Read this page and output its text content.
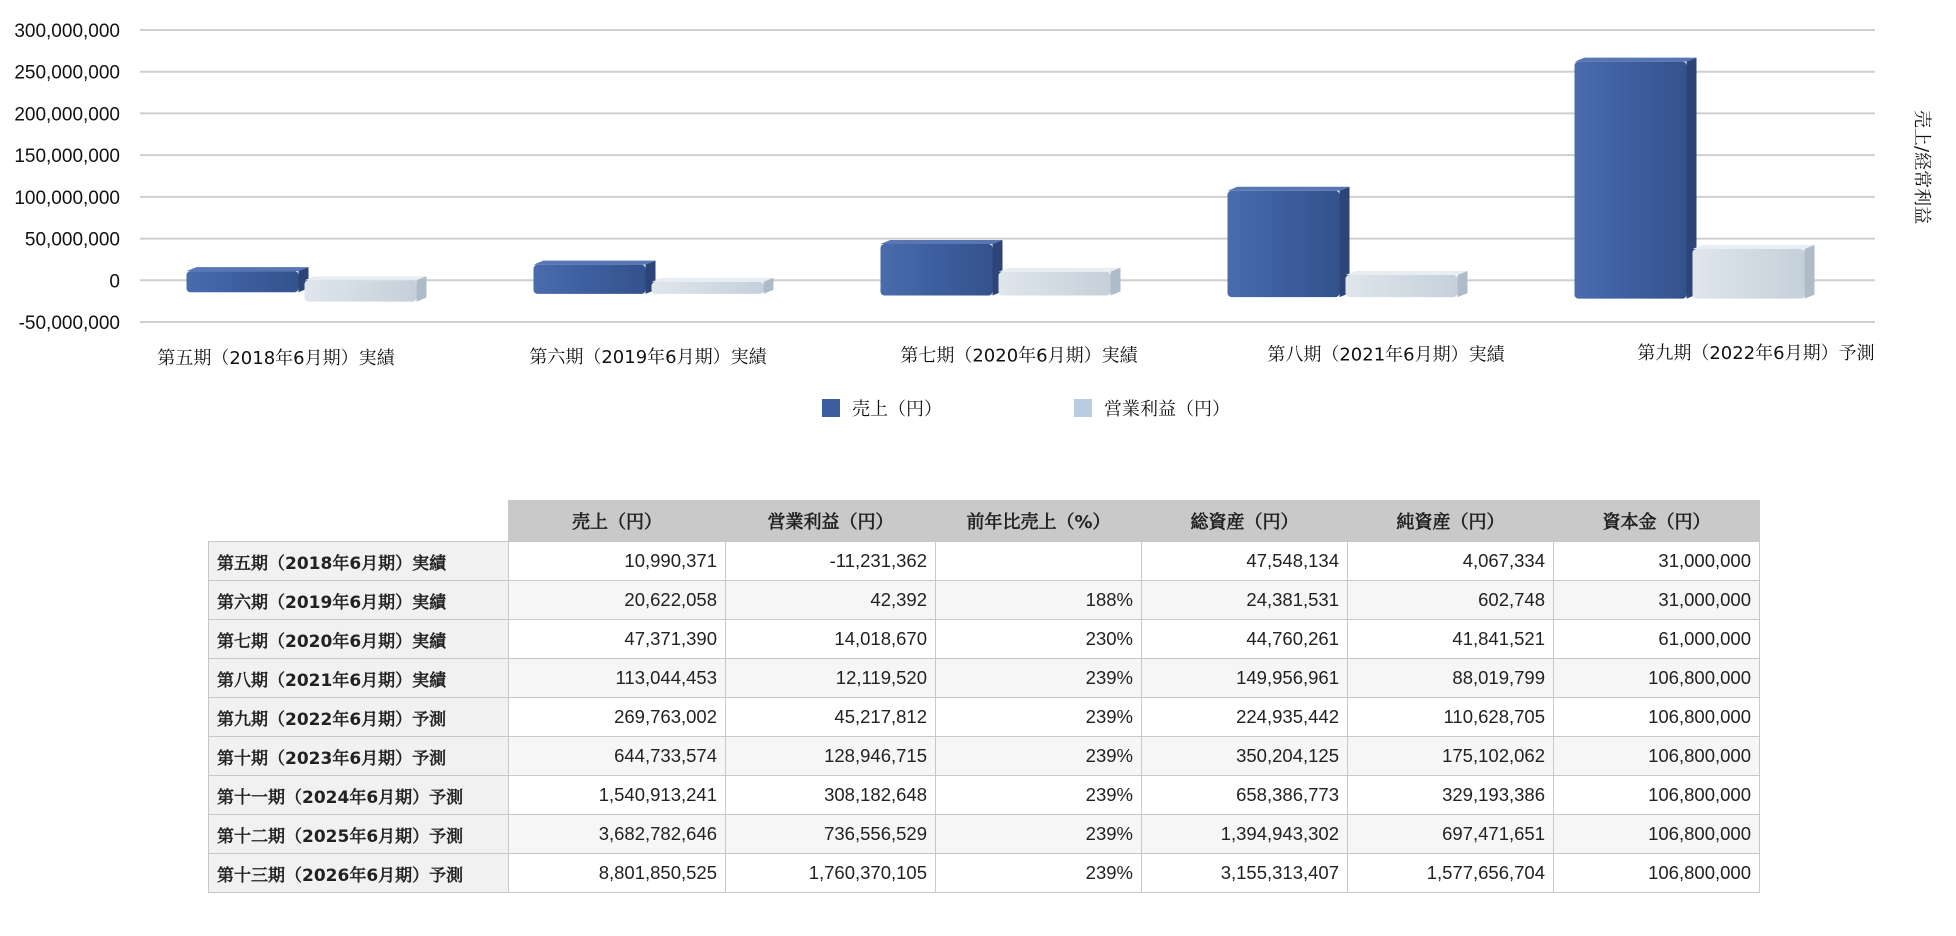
300,000,000
250,000,000
200,000,000
150,000,000
100,000,000
50,000,000
0
-50,000,000
第五期（2018年6月期）実績	第六期（2019年6月期）実績	第七期（2020年6月期）実績	第八期（2021年6月期）実績	第九期（2022年6月期）予測
売上（円）	営業利益（円）
売上/経常利益
	売上（円）	営業利益（円）	前年比売上（%）	総資産（円）	純資産（円）	資本金（円）
第五期（2018年6月期）実績	10,990,371	-11,231,362		47,548,134	4,067,334	31,000,000
第六期（2019年6月期）実績	20,622,058	42,392	188%	24,381,531	602,748	31,000,000
第七期（2020年6月期）実績	47,371,390	14,018,670	230%	44,760,261	41,841,521	61,000,000
第八期（2021年6月期）実績	113,044,453	12,119,520	239%	149,956,961	88,019,799	106,800,000
第九期（2022年6月期）予測	269,763,002	45,217,812	239%	224,935,442	110,628,705	106,800,000
第十期（2023年6月期）予測	644,733,574	128,946,715	239%	350,204,125	175,102,062	106,800,000
第十一期（2024年6月期）予測	1,540,913,241	308,182,648	239%	658,386,773	329,193,386	106,800,000
第十二期（2025年6月期）予測	3,682,782,646	736,556,529	239%	1,394,943,302	697,471,651	106,800,000
第十三期（2026年6月期）予測	8,801,850,525	1,760,370,105	239%	3,155,313,407	1,577,656,704	106,800,000
